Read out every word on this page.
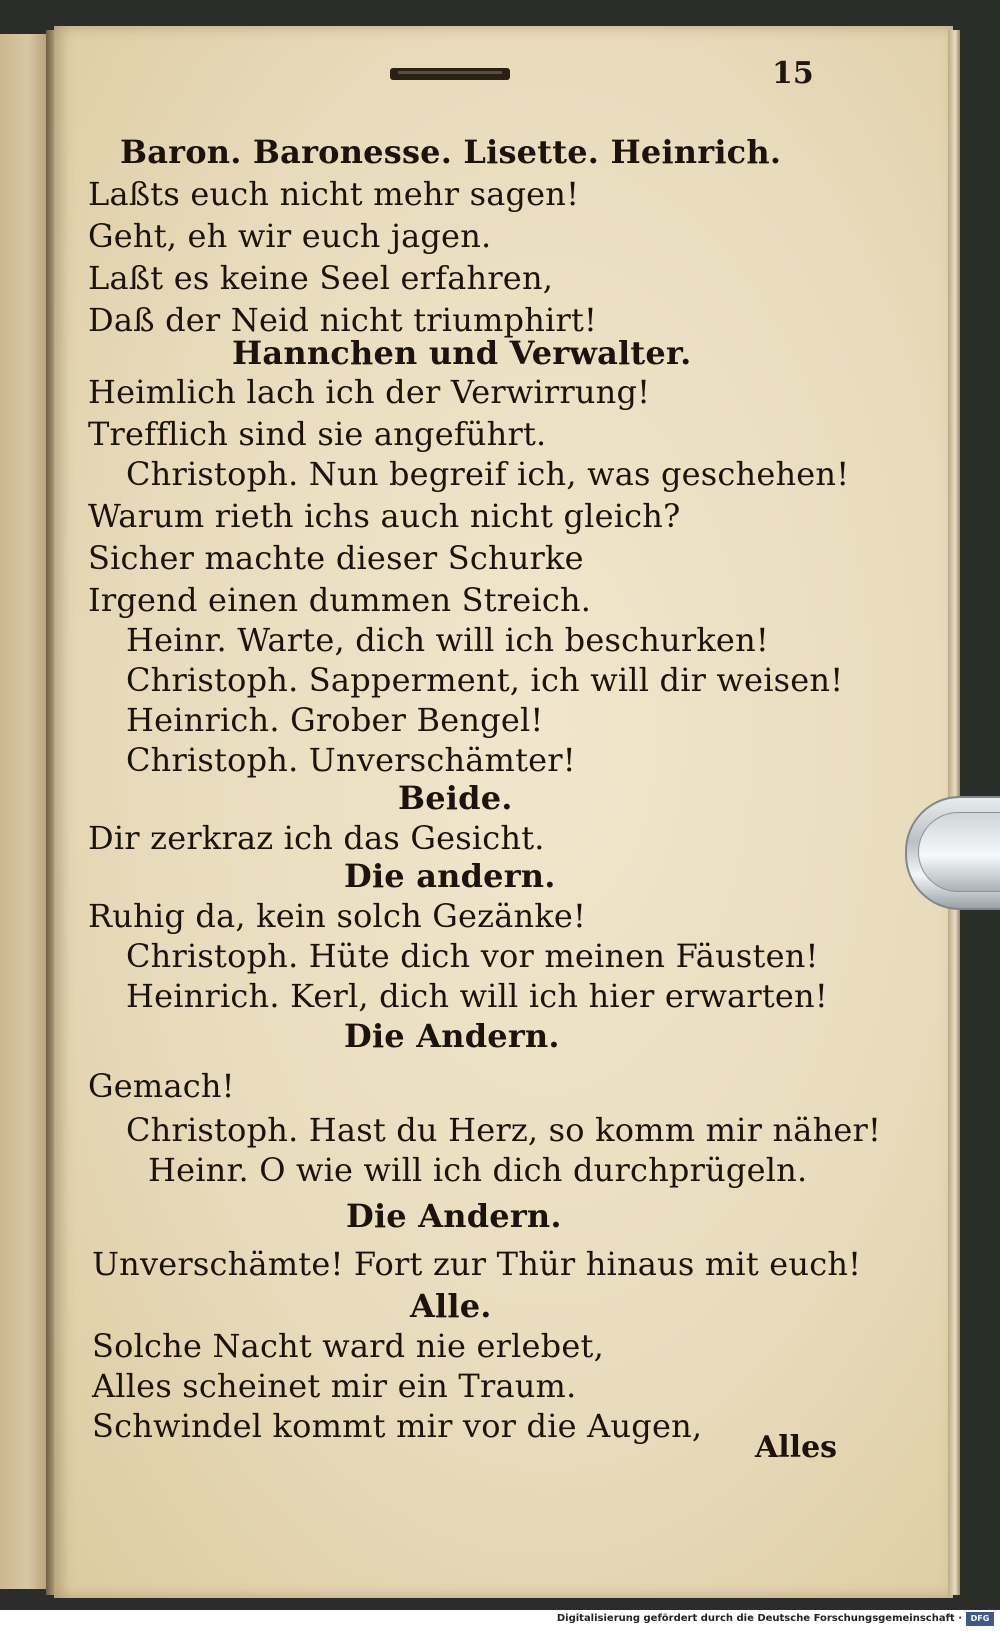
15
Baron. Baronesse. Lisette. Heinrich.
Laßts euch nicht mehr sagen!
Geht, eh wir euch jagen.
Laßt es keine Seel erfahren,
Daß der Neid nicht triumphirt!
Hannchen und Verwalter.
Heimlich lach ich der Verwirrung!
Trefflich sind sie angeführt.
Christoph. Nun begreif ich, was geschehen!
Warum rieth ichs auch nicht gleich?
Sicher machte dieser Schurke
Irgend einen dummen Streich.
Heinr. Warte, dich will ich beschurken!
Christoph. Sapperment, ich will dir weisen!
Heinrich. Grober Bengel!
Christoph. Unverschämter!
Beide.
Dir zerkraz ich das Gesicht.
Die andern.
Ruhig da, kein solch Gezänke!
Christoph. Hüte dich vor meinen Fäusten!
Heinrich. Kerl, dich will ich hier erwarten!
Die Andern.
Gemach!
Christoph. Hast du Herz, so komm mir näher!
Heinr. O wie will ich dich durchprügeln.
Die Andern.
Unverschämte! Fort zur Thür hinaus mit euch!
Alle.
Solche Nacht ward nie erlebet,
Alles scheinet mir ein Traum.
Schwindel kommt mir vor die Augen,
Alles
Digitalisierung gefördert durch die Deutsche Forschungsgemeinschaft ·	DFG
